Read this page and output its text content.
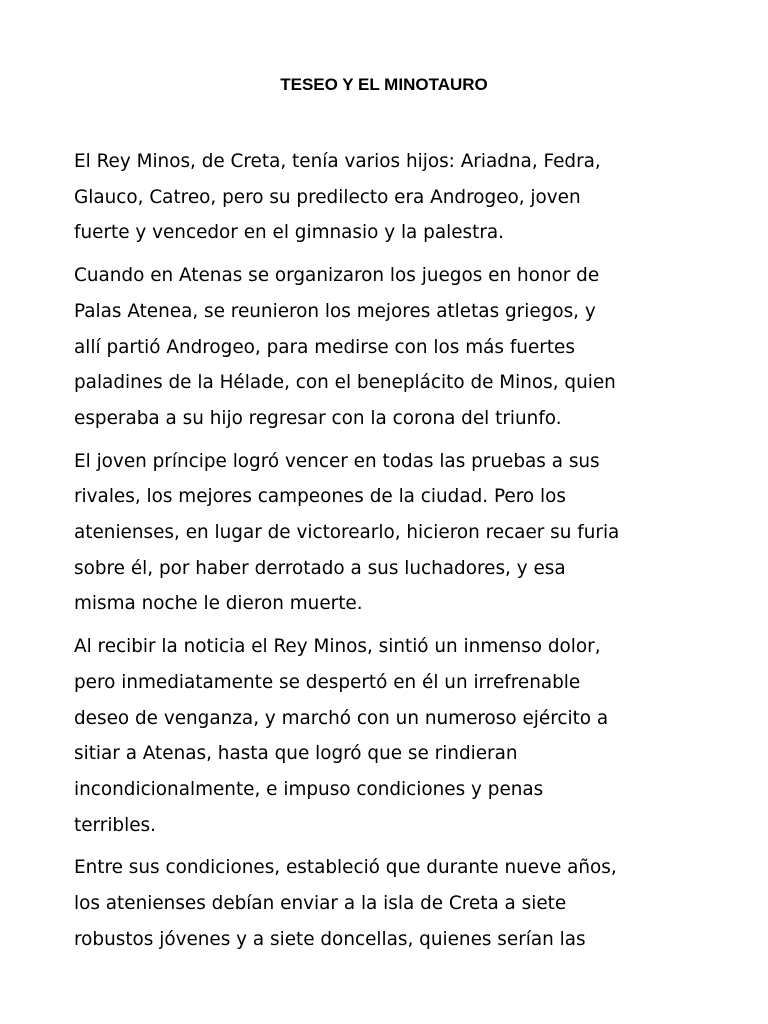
TESEO Y EL MINOTAURO

El Rey Minos, de Creta, tenía varios hijos: Ariadna, Fedra,
Glauco, Catreo, pero su predilecto era Androgeo, joven
fuerte y vencedor en el gimnasio y la palestra.

Cuando en Atenas se organizaron los juegos en honor de
Palas Atenea, se reunieron los mejores atletas griegos, y
allí partió Androgeo, para medirse con los más fuertes
paladines de la Hélade, con el beneplácito de Minos, quien
esperaba a su hijo regresar con la corona del triunfo.

El joven príncipe logró vencer en todas las pruebas a sus
rivales, los mejores campeones de la ciudad. Pero los
atenienses, en lugar de victorearlo, hicieron recaer su furia
sobre él, por haber derrotado a sus luchadores, y esa
misma noche le dieron muerte.

Al recibir la noticia el Rey Minos, sintió un inmenso dolor,
pero inmediatamente se despertó en él un irrefrenable
deseo de venganza, y marchó con un numeroso ejército a
sitiar a Atenas, hasta que logró que se rindieran
incondicionalmente, e impuso condiciones y penas
terribles.

Entre sus condiciones, estableció que durante nueve años,
los atenienses debían enviar a la isla de Creta a siete
robustos jóvenes y a siete doncellas, quienes serían las
